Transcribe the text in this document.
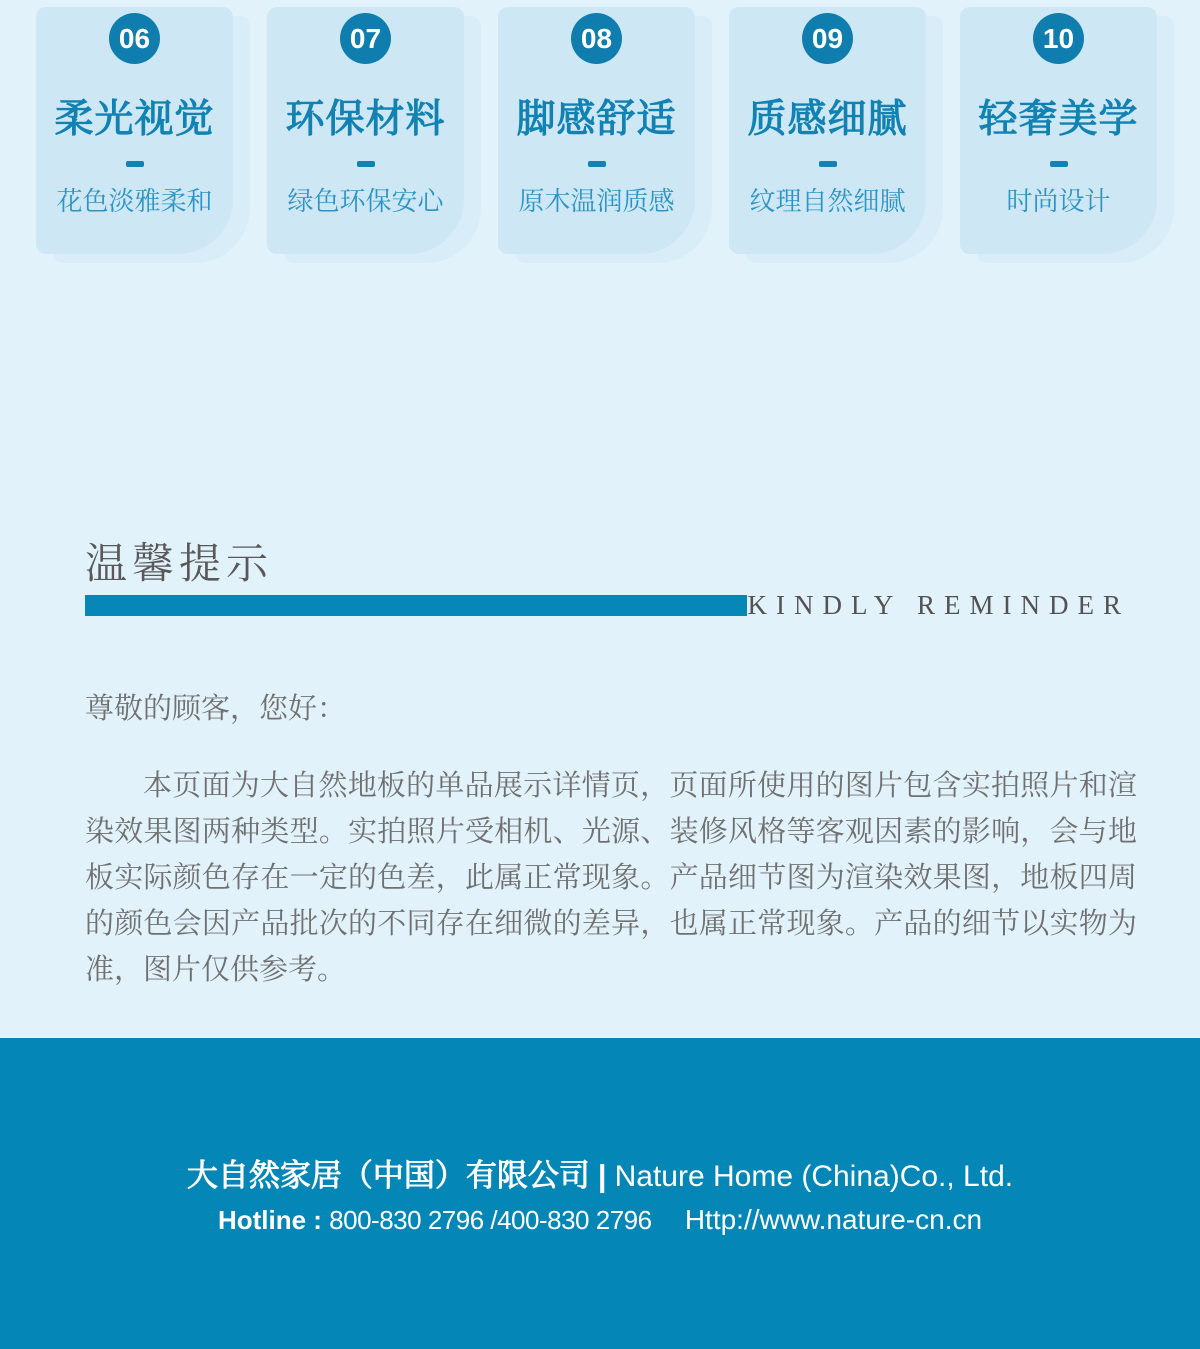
06
柔光视觉
花色淡雅柔和
07
环保材料
绿色环保安心
08
脚感舒适
原木温润质感
09
质感细腻
纹理自然细腻
10
轻奢美学
时尚设计
温馨提示
KINDLY REMINDER

尊敬的顾客，您好：

本页面为大自然地板的单品展示详情页，页面所使用的图片包含实拍照片和渲染效果图两种类型。实拍照片受相机、光源、装修风格等客观因素的影响，会与地板实际颜色存在一定的色差，此属正常现象。产品细节图为渲染效果图，地板四周的颜色会因产品批次的不同存在细微的差异，也属正常现象。产品的细节以实物为准，图片仅供参考。

大自然家居（中国）有限公司 | Nature Home (China)Co., Ltd.
Hotline : 800-830 2796 /400-830 2796 Http://www.nature-cn.cn
